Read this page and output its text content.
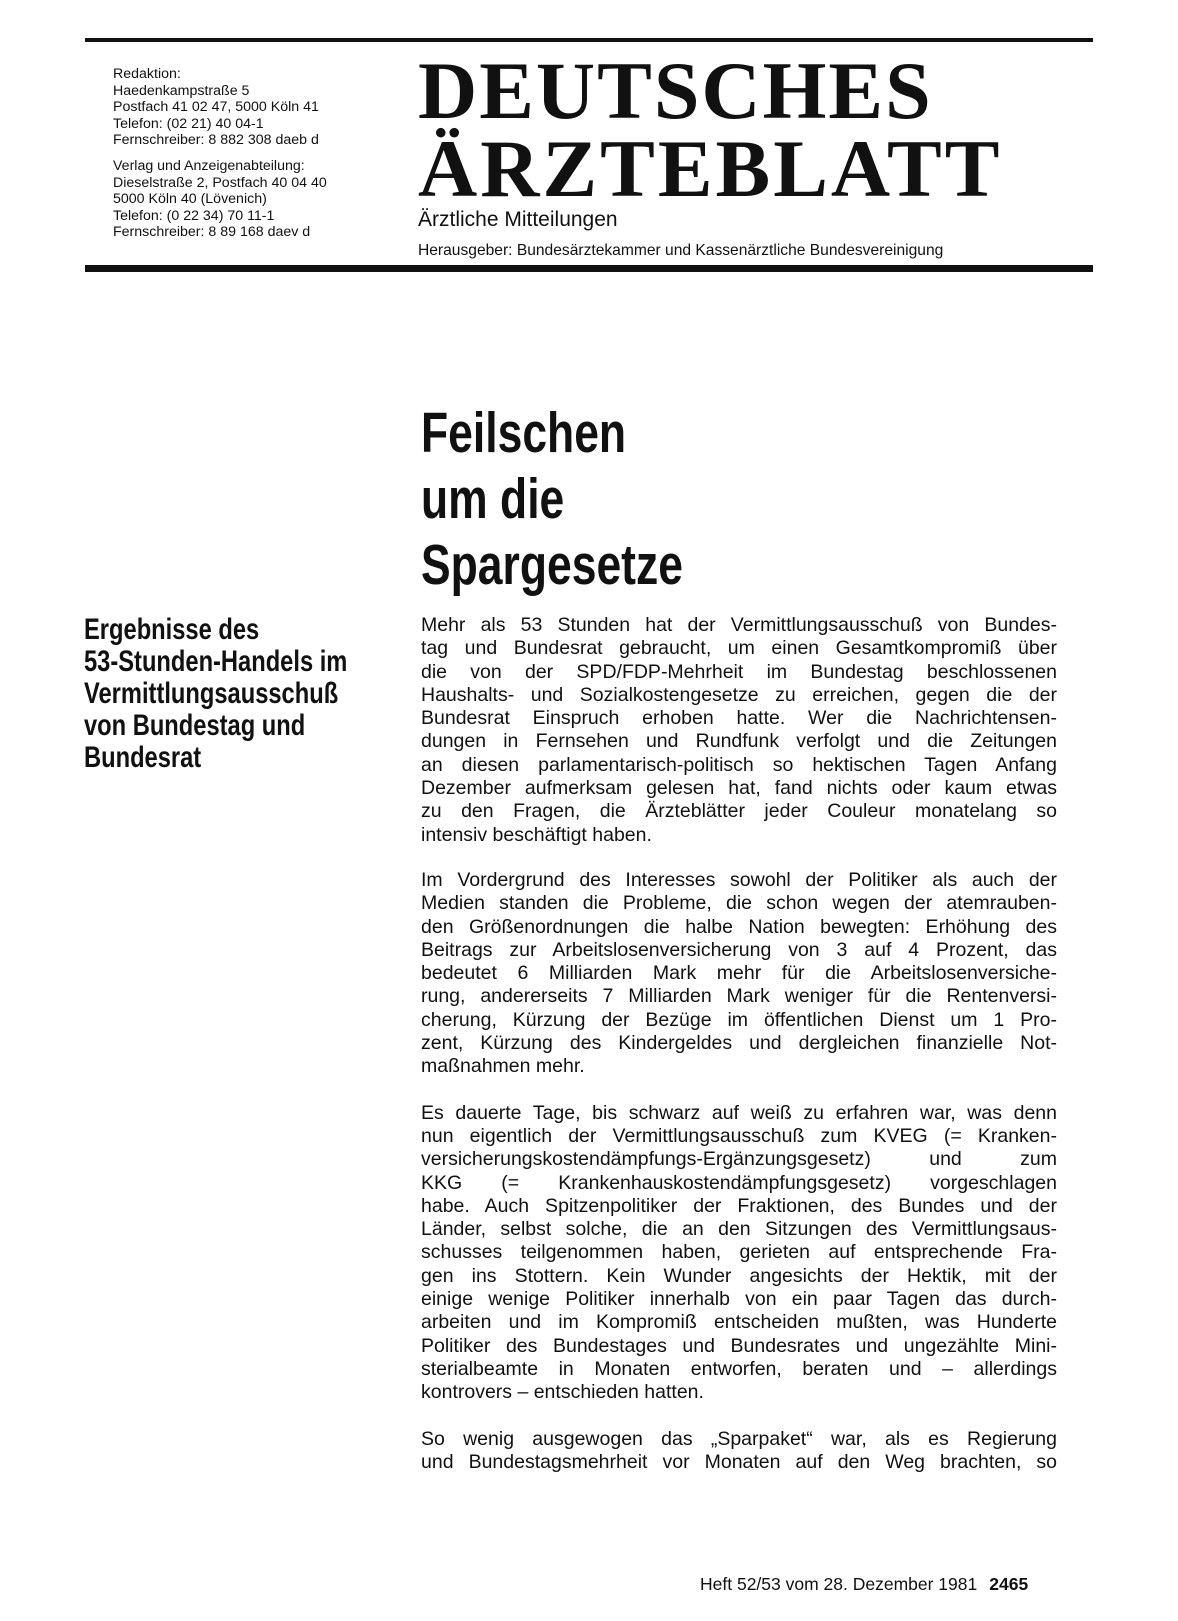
Redaktion:
Haedenkampstraße 5
Postfach 41 02 47, 5000 Köln 41
Telefon: (02 21) 40 04-1
Fernschreiber: 8 882 308 daeb d
Verlag und Anzeigenabteilung:
Dieselstraße 2, Postfach 40 04 40
5000 Köln 40 (Lövenich)
Telefon: (0 22 34) 70 11-1
Fernschreiber: 8 89 168 daev d
DEUTSCHES
ÄRZTEBLATT
Ärztliche Mitteilungen
Herausgeber: Bundesärztekammer und Kassenärztliche Bundesvereinigung
Feilschen
um die
Spargesetze
Ergebnisse des
53-Stunden-Handels im
Vermittlungsausschuß
von Bundestag und
Bundesrat

Mehr als 53 Stunden hat der Vermittlungsausschuß von Bundes-
tag und Bundesrat gebraucht, um einen Gesamtkompromiß über
die von der SPD/FDP-Mehrheit im Bundestag beschlossenen
Haushalts- und Sozialkostengesetze zu erreichen, gegen die der
Bundesrat Einspruch erhoben hatte. Wer die Nachrichtensen-
dungen in Fernsehen und Rundfunk verfolgt und die Zeitungen
an diesen parlamentarisch-politisch so hektischen Tagen Anfang
Dezember aufmerksam gelesen hat, fand nichts oder kaum etwas
zu den Fragen, die Ärzteblätter jeder Couleur monatelang so
intensiv beschäftigt haben.

Im Vordergrund des Interesses sowohl der Politiker als auch der
Medien standen die Probleme, die schon wegen der atemrauben-
den Größenordnungen die halbe Nation bewegten: Erhöhung des
Beitrags zur Arbeitslosenversicherung von 3 auf 4 Prozent, das
bedeutet 6 Milliarden Mark mehr für die Arbeitslosenversiche-
rung, andererseits 7 Milliarden Mark weniger für die Rentenversi-
cherung, Kürzung der Bezüge im öffentlichen Dienst um 1 Pro-
zent, Kürzung des Kindergeldes und dergleichen finanzielle Not-
maßnahmen mehr.

Es dauerte Tage, bis schwarz auf weiß zu erfahren war, was denn
nun eigentlich der Vermittlungsausschuß zum KVEG (= Kranken-
versicherungskostendämpfungs-Ergänzungsgesetz) und zum
KKG (= Krankenhauskostendämpfungsgesetz) vorgeschlagen
habe. Auch Spitzenpolitiker der Fraktionen, des Bundes und der
Länder, selbst solche, die an den Sitzungen des Vermittlungsaus-
schusses teilgenommen haben, gerieten auf entsprechende Fra-
gen ins Stottern. Kein Wunder angesichts der Hektik, mit der
einige wenige Politiker innerhalb von ein paar Tagen das durch-
arbeiten und im Kompromiß entscheiden mußten, was Hunderte
Politiker des Bundestages und Bundesrates und ungezählte Mini-
sterialbeamte in Monaten entworfen, beraten und – allerdings
kontrovers – entschieden hatten.

So wenig ausgewogen das „Sparpaket“ war, als es Regierung
und Bundestagsmehrheit vor Monaten auf den Weg brachten, so

Heft 52/53 vom 28. Dezember 1981 2465
